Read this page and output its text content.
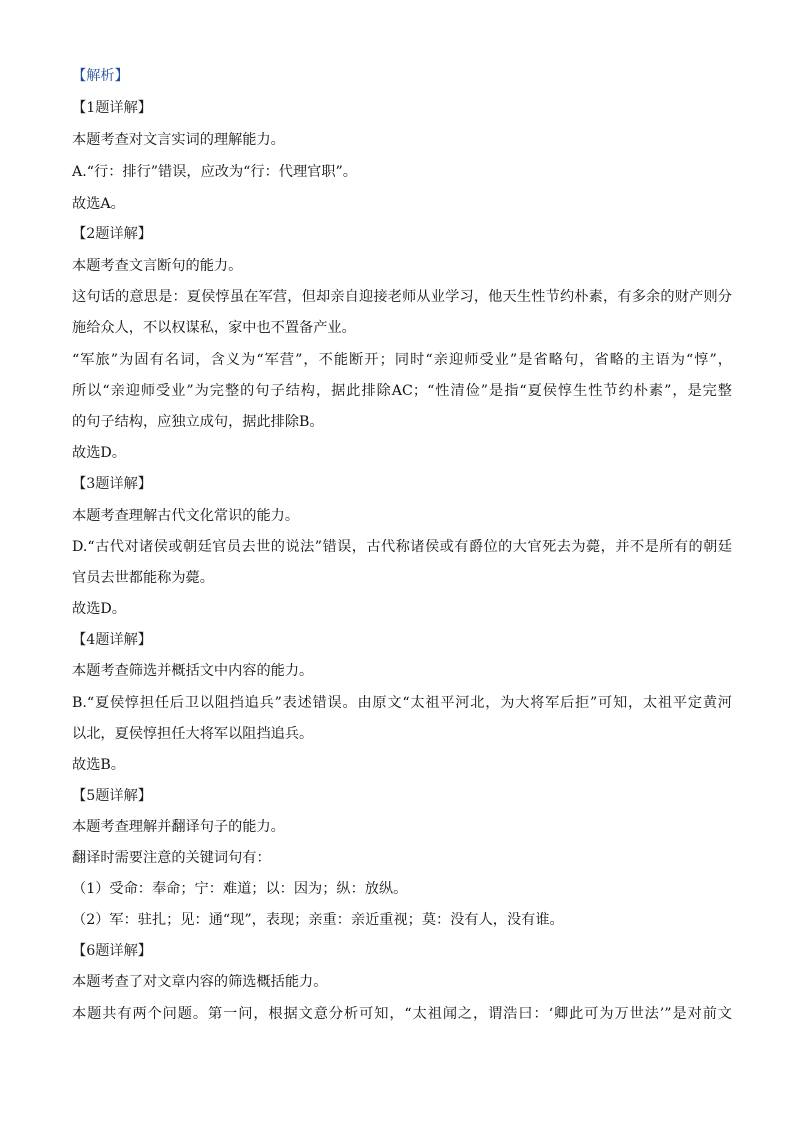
【解析】
【1题详解】
本题考查对文言实词的理解能力。
A.“行：排行”错误，应改为“行：代理官职”。
故选A。
【2题详解】
本题考查文言断句的能力。
这句话的意思是：夏侯惇虽在军营，但却亲自迎接老师从业学习，他天生性节约朴素，有多余的财产则分
施给众人，不以权谋私，家中也不置备产业。
“军旅”为固有名词，含义为“军营”，不能断开；同时“亲迎师受业”是省略句，省略的主语为“惇”，
所以“亲迎师受业”为完整的句子结构，据此排除AC；“性清俭”是指“夏侯惇生性节约朴素”，是完整
的句子结构，应独立成句，据此排除B。
故选D。
【3题详解】
本题考查理解古代文化常识的能力。
D.“古代对诸侯或朝廷官员去世的说法”错误，古代称诸侯或有爵位的大官死去为薨，并不是所有的朝廷
官员去世都能称为薨。
故选D。
【4题详解】
本题考查筛选并概括文中内容的能力。
B.“夏侯惇担任后卫以阻挡追兵”表述错误。由原文“太祖平河北，为大将军后拒”可知，太祖平定黄河
以北，夏侯惇担任大将军以阻挡追兵。
故选B。
【5题详解】
本题考查理解并翻译句子的能力。
翻译时需要注意的关键词句有：
（1）受命：奉命；宁：难道；以：因为；纵：放纵。
（2）军：驻扎；见：通“现”，表现；亲重：亲近重视；莫：没有人，没有谁。
【6题详解】
本题考查了对文章内容的筛选概括能力。
本题共有两个问题。第一问，根据文意分析可知，“太祖闻之，谓浩曰：‘卿此可为万世法’”是对前文
